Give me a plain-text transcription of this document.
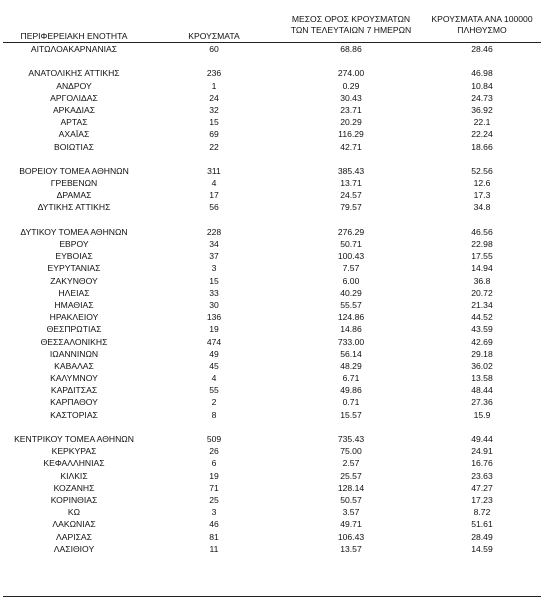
ΠΕΡΙΦΕΡΕΙΑΚΗ ΕΝΟΤΗΤΑ	ΚΡΟΥΣΜΑΤΑ
ΜΕΣΟΣ ΟΡΟΣ ΚΡΟΥΣΜΑΤΩΝ
ΤΩΝ ΤΕΛΕΥΤΑΙΩΝ 7 ΗΜΕΡΩΝ
ΚΡΟΥΣΜΑΤΑ ΑΝΑ 100000
ΠΛΗΘΥΣΜΟ
ΑΙΤΩΛΟΑΚΑΡΝΑΝΙΑΣ	60	68.86	28.46
ΑΝΑΤΟΛΙΚΗΣ ΑΤΤΙΚΗΣ	236	274.00	46.98
ΑΝΔΡΟΥ	1	0.29	10.84
ΑΡΓΟΛΙΔΑΣ	24	30.43	24.73
ΑΡΚΑΔΙΑΣ	32	23.71	36.92
ΑΡΤΑΣ	15	20.29	22.1
ΑΧΑΪΑΣ	69	116.29	22.24
ΒΟΙΩΤΙΑΣ	22	42.71	18.66
ΒΟΡΕΙΟΥ ΤΟΜΕΑ ΑΘΗΝΩΝ	311	385.43	52.56
ΓΡΕΒΕΝΩΝ	4	13.71	12.6
ΔΡΑΜΑΣ	17	24.57	17.3
ΔΥΤΙΚΗΣ ΑΤΤΙΚΗΣ	56	79.57	34.8
ΔΥΤΙΚΟΥ ΤΟΜΕΑ ΑΘΗΝΩΝ	228	276.29	46.56
ΕΒΡΟΥ	34	50.71	22.98
ΕΥΒΟΙΑΣ	37	100.43	17.55
ΕΥΡΥΤΑΝΙΑΣ	3	7.57	14.94
ΖΑΚΥΝΘΟΥ	15	6.00	36.8
ΗΛΕΙΑΣ	33	40.29	20.72
ΗΜΑΘΙΑΣ	30	55.57	21.34
ΗΡΑΚΛΕΙΟΥ	136	124.86	44.52
ΘΕΣΠΡΩΤΙΑΣ	19	14.86	43.59
ΘΕΣΣΑΛΟΝΙΚΗΣ	474	733.00	42.69
ΙΩΑΝΝΙΝΩΝ	49	56.14	29.18
ΚΑΒΑΛΑΣ	45	48.29	36.02
ΚΑΛΥΜΝΟΥ	4	6.71	13.58
ΚΑΡΔΙΤΣΑΣ	55	49.86	48.44
ΚΑΡΠΑΘΟΥ	2	0.71	27.36
ΚΑΣΤΟΡΙΑΣ	8	15.57	15.9
ΚΕΝΤΡΙΚΟΥ ΤΟΜΕΑ ΑΘΗΝΩΝ	509	735.43	49.44
ΚΕΡΚΥΡΑΣ	26	75.00	24.91
ΚΕΦΑΛΛΗΝΙΑΣ	6	2.57	16.76
ΚΙΛΚΙΣ	19	25.57	23.63
ΚΟΖΑΝΗΣ	71	128.14	47.27
ΚΟΡΙΝΘΙΑΣ	25	50.57	17.23
ΚΩ	3	3.57	8.72
ΛΑΚΩΝΙΑΣ	46	49.71	51.61
ΛΑΡΙΣΑΣ	81	106.43	28.49
ΛΑΣΙΘΙΟΥ	11	13.57	14.59
